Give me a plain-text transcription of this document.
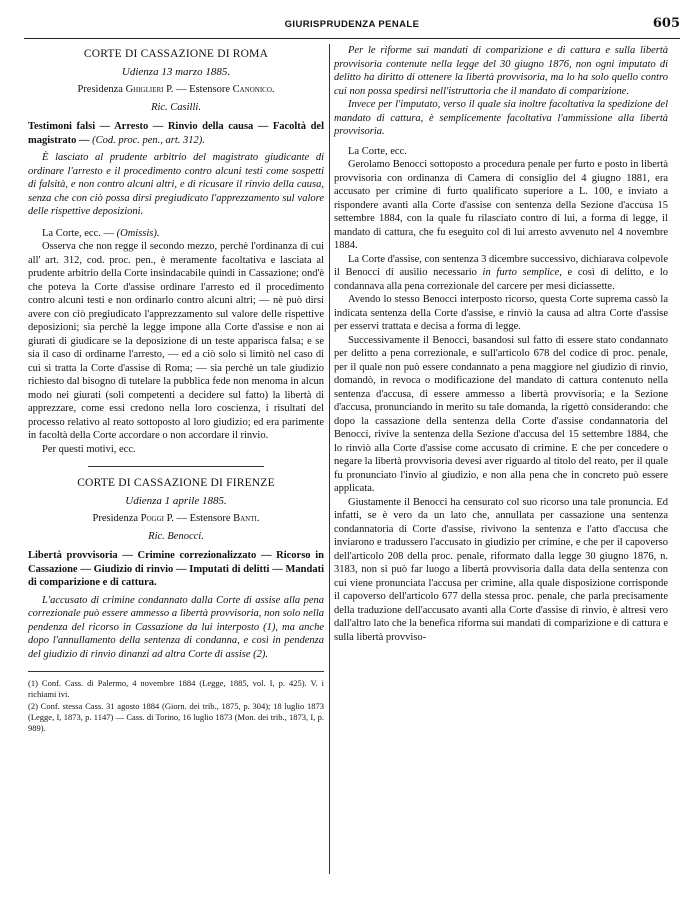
GIURISPRUDENZA PENALE	605

CORTE DI CASSAZIONE DI ROMA

Udienza 13 marzo 1885.

Presidenza Ghiglieri P. — Estensore Canonico.

Ric. Casilli.

Testimoni falsi — Arresto — Rinvio della causa — Facoltà del magistrato — (Cod. proc. pen., art. 312).

È lasciato al prudente arbitrio del magistrato giudicante di ordinare l'arresto e il procedimento contro alcuni testi come sospetti di falsità, e non contro alcuni altri, e di ricusare il rinvio della causa, senza che con ciò possa dirsi pregiudicato l'apprezzamento sul valore delle rispettive deposizioni.

La Corte, ecc. — (Omissis).

Osserva che non regge il secondo mezzo, perchè l'ordinanza di cui all' art. 312, cod. proc. pen., è meramente facoltativa e lasciata al prudente arbitrio della Corte insindacabile quindi in Cassazione; ond'è che poteva la Corte d'assise ordinare l'arresto ed il procedimento contro alcuni testi e non ordinarlo contro alcuni altri; — nè può dirsi avere con ciò pregiudicato l'apprezzamento sul valore delle rispettive deposizioni; sia perchè la legge impone alla Corte d'assise e non ai giurati di giudicare se la deposizione di un teste apparisca falsa; e se sia il caso di ordinarne l'arresto, — ed a ciò solo si limitò nel caso di cui si tratta la Corte d'assise di Roma; — sia perchè un tale giudizio richiesto dal bisogno di tutelare la pubblica fede non menoma in alcun modo nei giurati (soli competenti a decidere sul fatto) la libertà di apprezzare, come essi credono nella loro coscienza, i risultati del processo relativo al reato sottoposto al loro giudizio; ed era parimente in facoltà della Corte accordare o non accordare il rinvio.

Per questi motivi, ecc.

CORTE DI CASSAZIONE DI FIRENZE

Udienza 1 aprile 1885.

Presidenza Poggi P. — Estensore Banti.

Ric. Benocci.

Libertà provvisoria — Crimine correzionalizzato — Ricorso in Cassazione — Giudizio di rinvio — Imputati di delitti — Mandati di comparizione e di cattura.

L'accusato di crimine condannato dalla Corte di assise alla pena correzionale può essere ammesso a libertà provvisoria, non solo nella pendenza del ricorso in Cassazione da lui interposto (1), ma anche dopo l'annullamento della sentenza di condanna, e così in pendenza del giudizio di rinvio dinanzi ad altra Corte di assise (2).

(1) Conf. Cass. di Palermo, 4 novembre 1884 (Legge, 1885, vol. I, p. 425). V. i richiami ivi.

(2) Conf. stessa Cass. 31 agosto 1884 (Giorn. dei trib., 1875, p. 304); 18 luglio 1873 (Legge, I, 1873, p. 1147) — Cass. di Torino, 16 luglio 1873 (Mon. dei trib., 1873, I, p. 989).

Per le riforme sui mandati di comparizione e di cattura e sulla libertà provvisoria contenute nella legge del 30 giugno 1876, non ogni imputato di delitto ha diritto di ottenere la libertà provvisoria, ma lo ha solo quello contro cui non possa spedirsi nell'istruttoria che il mandato di comparizione.

Invece per l'imputato, verso il quale sia inoltre facoltativa la spedizione del mandato di cattura, è semplicemente facoltativa l'ammissione alla libertà provvisoria.

La Corte, ecc.

Gerolamo Benocci sottoposto a procedura penale per furto e posto in libertà provvisoria con ordinanza di Camera di consiglio del 4 giugno 1881, era accusato per crimine di furto qualificato superiore a L. 100, e inviato a rispondere avanti alla Corte d'assise con sentenza della Sezione d'accusa 15 settembre 1884, con la quale fu rilasciato contro di lui, a forma di legge, il mandato di cattura, che fu eseguito col di lui arresto avvenuto nel 4 novembre 1884.

La Corte d'assise, con sentenza 3 dicembre successivo, dichiarava colpevole il Benocci di ausilio necessario in furto semplice, e così di delitto, e lo condannava alla pena correzionale del carcere per mesi diciassette.

Avendo lo stesso Benocci interposto ricorso, questa Corte suprema cassò la indicata sentenza della Corte d'assise, e rinviò la causa ad altra Corte d'assise per esservi trattata e decisa a forma di legge.

Successivamente il Benocci, basandosi sul fatto di essere stato condannato per delitto a pena correzionale, e sull'articolo 678 del codice di proc. penale, per il quale non può essere condannato a pena maggiore nel giudizio di rinvio, domandò, in revoca o modificazione del mandato di cattura contenuto nella sentenza d'accusa, di essere ammesso a libertà provvisoria; e la Sezione d'accusa, pronunciando in merito su tale domanda, la rigettò considerando: che dopo la cassazione della sentenza della Corte d'assise condannatoria del Benocci, rivive la sentenza della Sezione d'accusa del 15 settembre 1884, che lo rinviò alla Corte d'assise come accusato di crimine. E che per concedere o negare la libertà provvisoria devesi aver riguardo al titolo del reato, per il quale fu pronunciato l'invio al giudizio, e non alla pena che in concreto può essere applicata.

Giustamente il Benocci ha censurato col suo ricorso una tale pronuncia. Ed infatti, se è vero da un lato che, annullata per cassazione una sentenza condannatoria di Corte d'assise, rivivono la sentenza e l'atto d'accusa che inviarono e tradussero l'accusato in giudizio per crimine, e che per il capoverso dell'articolo 208 della proc. penale, riformato dalla legge 30 giugno 1876, n. 3183, non si può far luogo a libertà provvisoria dalla data della sentenza con cui viene pronunciata l'accusa per crimine, alla quale disposizione corrisponde il capoverso dell'articolo 677 della stessa proc. penale, che parla precisamente della traduzione dell'accusato avanti alla Corte d'assise di rinvio, è altresì vero dall'altro lato che la benefica riforma sui mandati di comparizione e di cattura e sulla libertà provviso-
